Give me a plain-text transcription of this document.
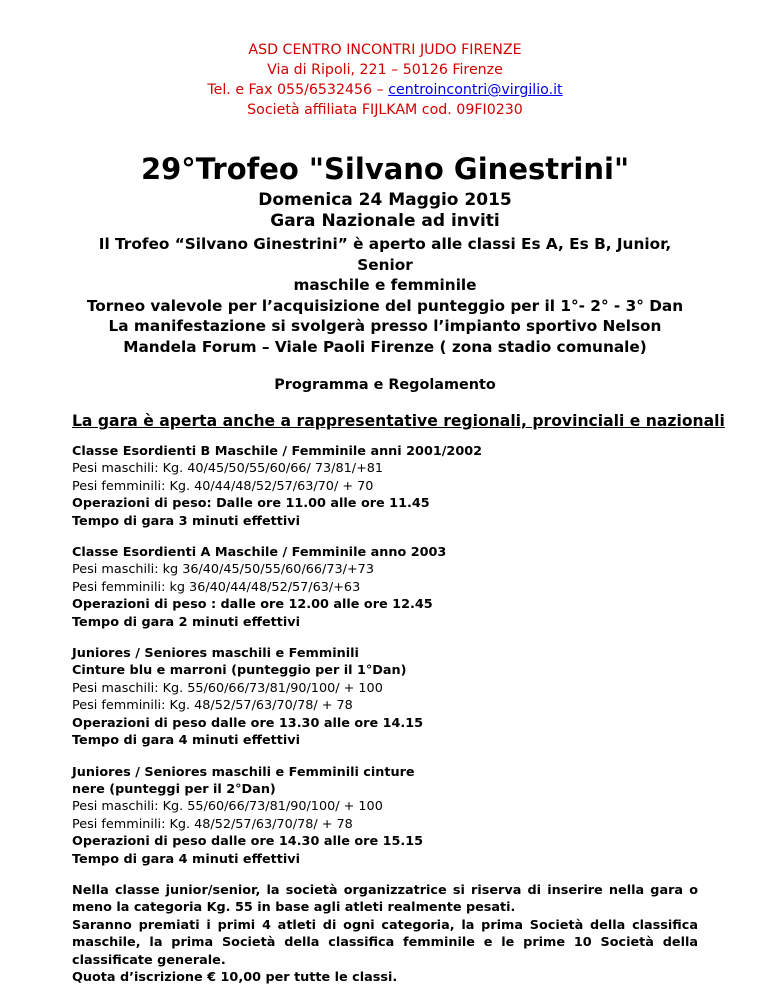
ASD CENTRO INCONTRI JUDO FIRENZE
Via di Ripoli, 221 – 50126 Firenze
Tel. e Fax 055/6532456 – centroincontri@virgilio.it
Società affiliata FIJLKAM cod. 09FI0230
29°Trofeo "Silvano Ginestrini"
Domenica 24 Maggio 2015
Gara Nazionale ad inviti
Il Trofeo “Silvano Ginestrini” è aperto alle classi Es A, Es B, Junior, Senior
maschile e femminile
Torneo valevole per l’acquisizione del punteggio per il 1°- 2° - 3° Dan
La manifestazione si svolgerà presso l’impianto sportivo Nelson
Mandela Forum – Viale Paoli Firenze ( zona stadio comunale)
Programma e Regolamento
La gara è aperta anche a rappresentative regionali, provinciali e nazionali
Classe Esordienti B Maschile / Femminile anni 2001/2002
Pesi maschili: Kg. 40/45/50/55/60/66/ 73/81/+81
Pesi femminili: Kg. 40/44/48/52/57/63/70/ + 70
Operazioni di peso: Dalle ore 11.00 alle ore 11.45
Tempo di gara 3 minuti effettivi
Classe Esordienti A Maschile / Femminile anno 2003
Pesi maschili: kg 36/40/45/50/55/60/66/73/+73
Pesi femminili: kg 36/40/44/48/52/57/63/+63
Operazioni di peso : dalle ore 12.00 alle ore 12.45
Tempo di gara 2 minuti effettivi
Juniores / Seniores maschili e Femminili
Cinture blu e marroni (punteggio per il 1°Dan)
Pesi maschili: Kg. 55/60/66/73/81/90/100/ + 100
Pesi femminili: Kg. 48/52/57/63/70/78/ + 78
Operazioni di peso dalle ore 13.30 alle ore 14.15
Tempo di gara 4 minuti effettivi
Juniores / Seniores maschili e Femminili cinture
nere (punteggi per il 2°Dan)
Pesi maschili: Kg. 55/60/66/73/81/90/100/ + 100
Pesi femminili: Kg. 48/52/57/63/70/78/ + 78
Operazioni di peso dalle ore 14.30 alle ore 15.15
Tempo di gara 4 minuti effettivi
Nella classe junior/senior, la società organizzatrice si riserva di inserire nella gara o meno la categoria Kg. 55 in base agli atleti realmente pesati.
Saranno premiati i primi 4 atleti di ogni categoria, la prima Società della classifica maschile, la prima Società della classifica femminile e le prime 10 Società della classificate generale.
Quota d’iscrizione € 10,00 per tutte le classi.
